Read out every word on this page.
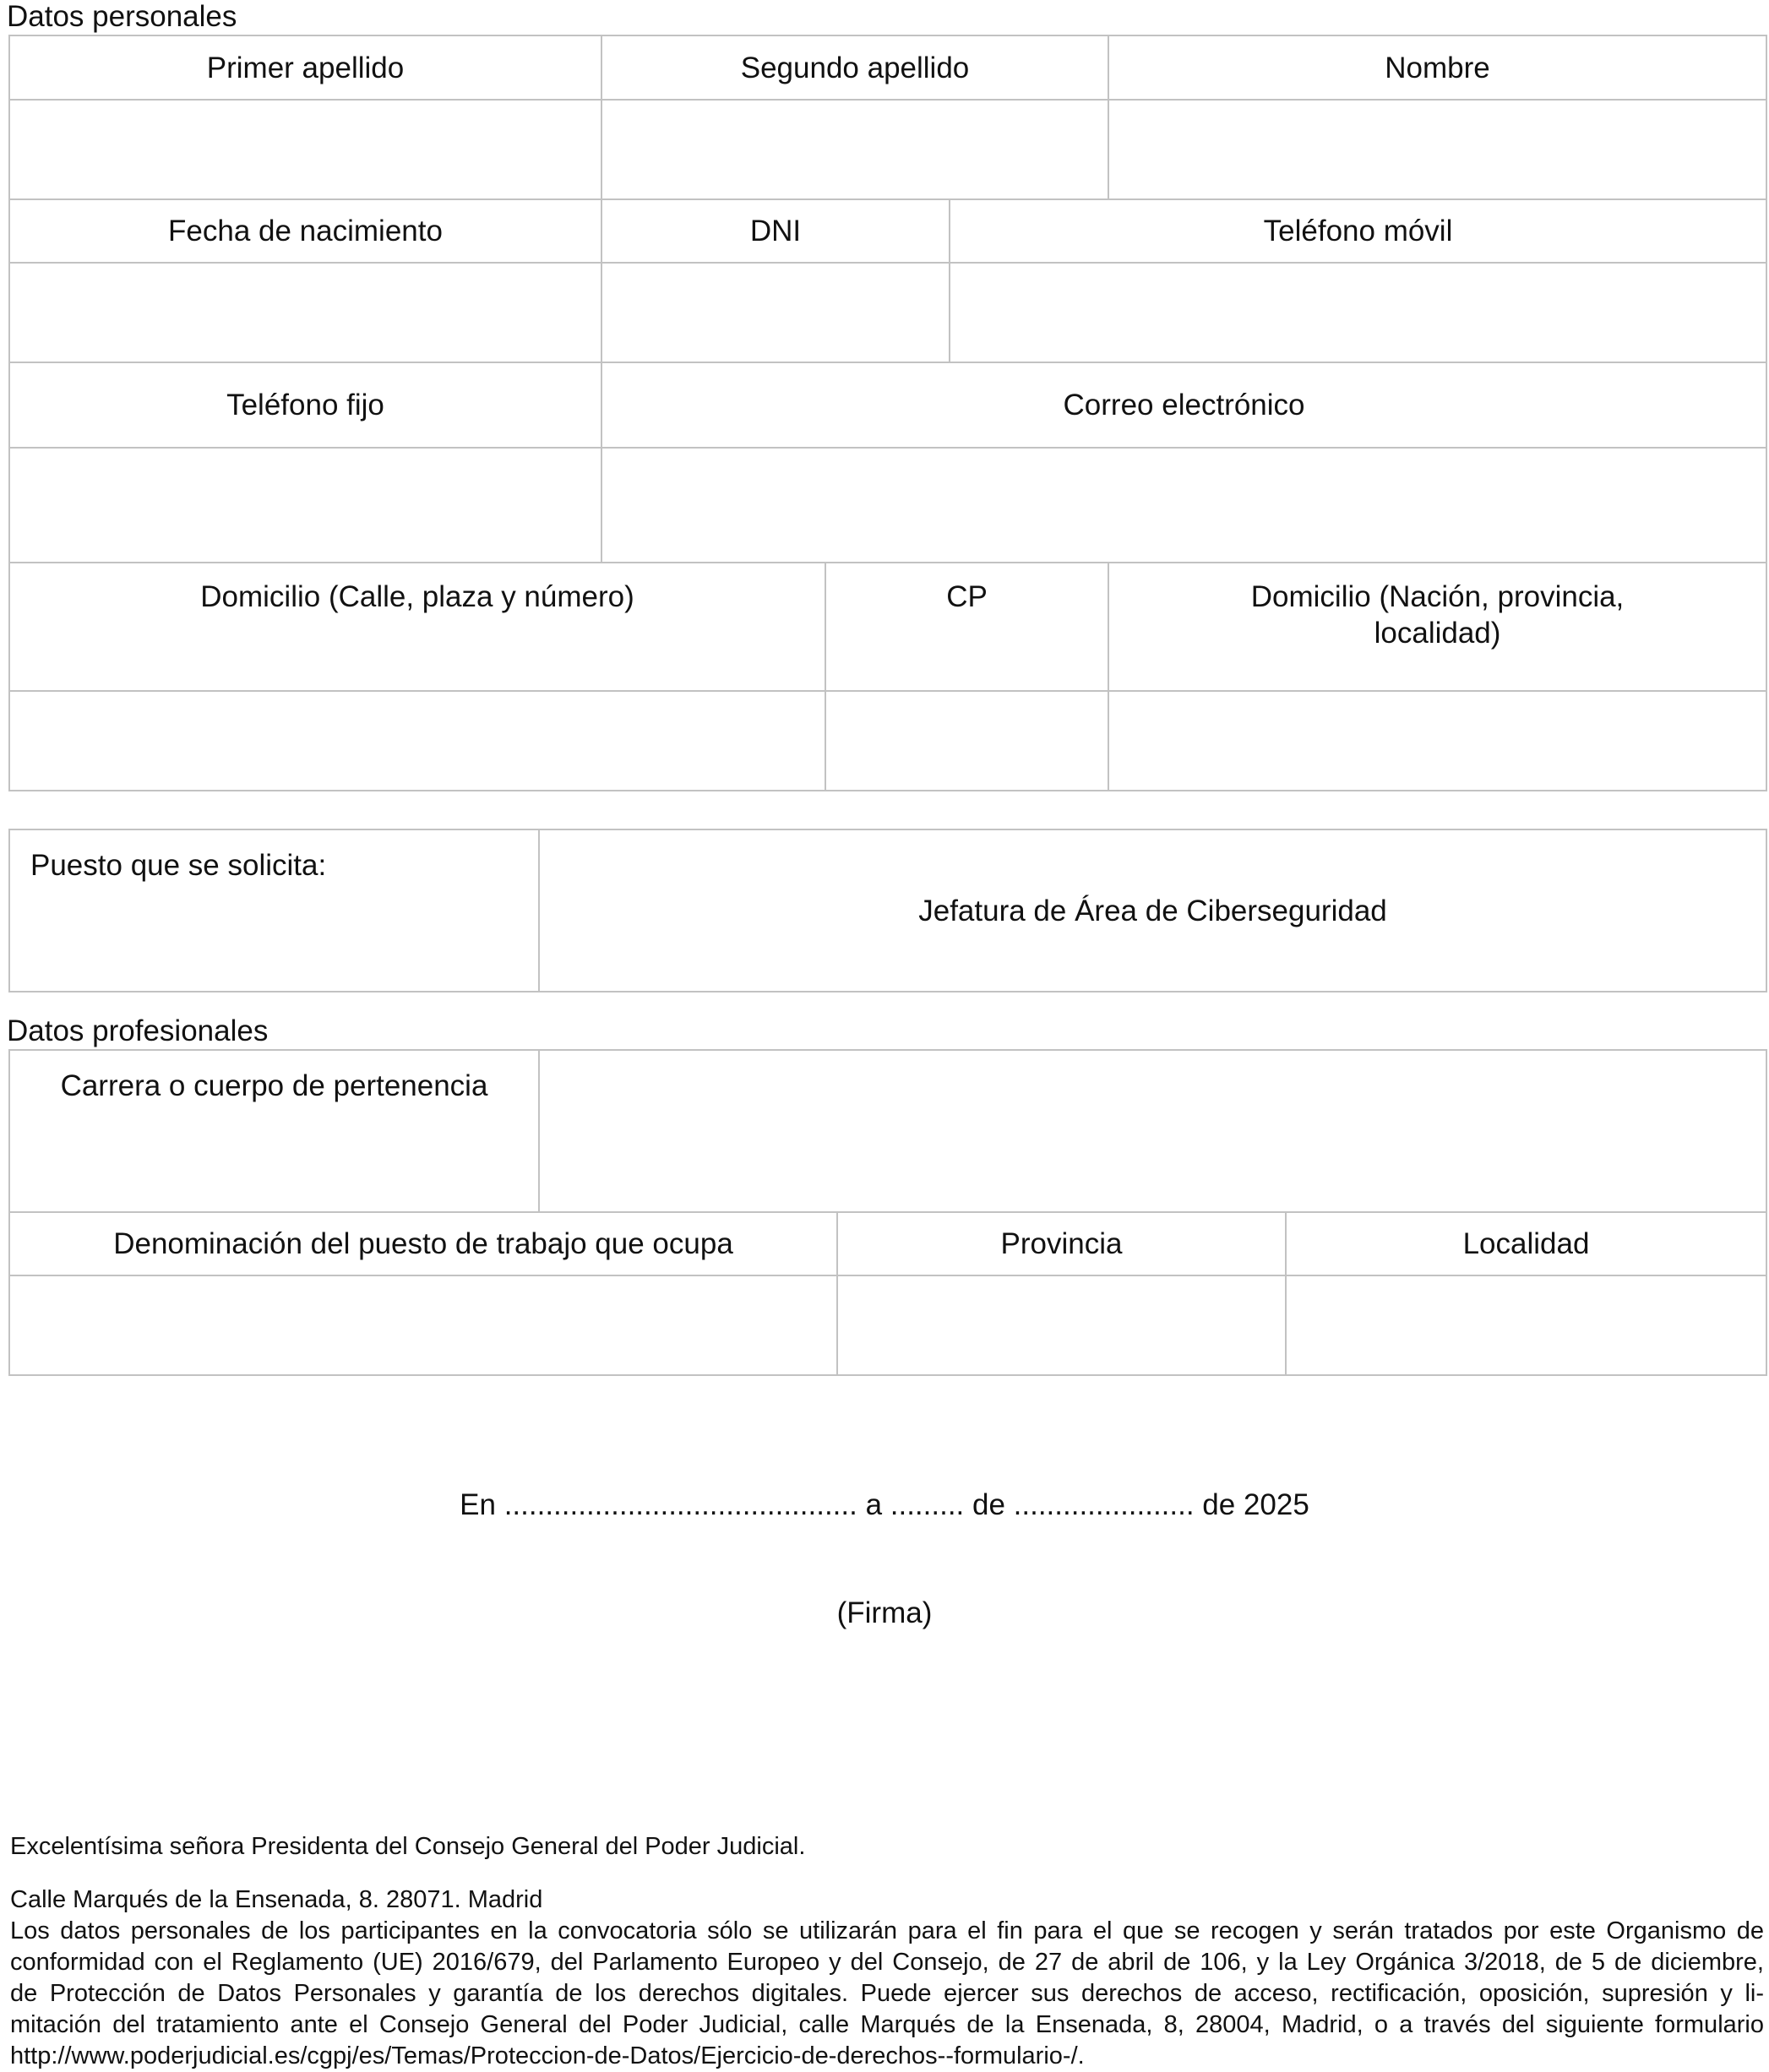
Datos personales
Primer apellido	Segundo apellido			Nombre

Fecha de nacimiento	DNI		Teléfono móvil	

Teléfono fijo	Correo electrónico			

Domicilio (Calle, plaza y número)		CP		Domicilio (Nación, provincia,
localidad)

Puesto que se solicita:	Jefatura de Área de Ciberseguridad
Datos profesionales
Carrera o cuerpo de pertenencia			
Denominación del puesto de trabajo que ocupa		Provincia	Localidad

En ........................................... a ......... de ...................... de 2025
(Firma)
Excelentísima señora Presidenta del Consejo General del Poder Judicial.
Calle Marqués de la Ensenada, 8. 28071. Madrid
Los datos personales de los participantes en la convocatoria sólo se utilizarán para el fin para el que se recogen y serán tratados por este Organismo de
conformidad con el Reglamento (UE) 2016/679, del Parlamento Europeo y del Consejo, de 27 de abril de 106, y la Ley Orgánica 3/2018, de 5 de diciembre,
de Protección de Datos Personales y garantía de los derechos digitales. Puede ejercer sus derechos de acceso, rectificación, oposición, supresión y li-
mitación del tratamiento ante el Consejo General del Poder Judicial, calle Marqués de la Ensenada, 8, 28004, Madrid, o a través del siguiente formulario
http://www.poderjudicial.es/cgpj/es/Temas/Proteccion-de-Datos/Ejercicio-de-derechos--formulario-/.
